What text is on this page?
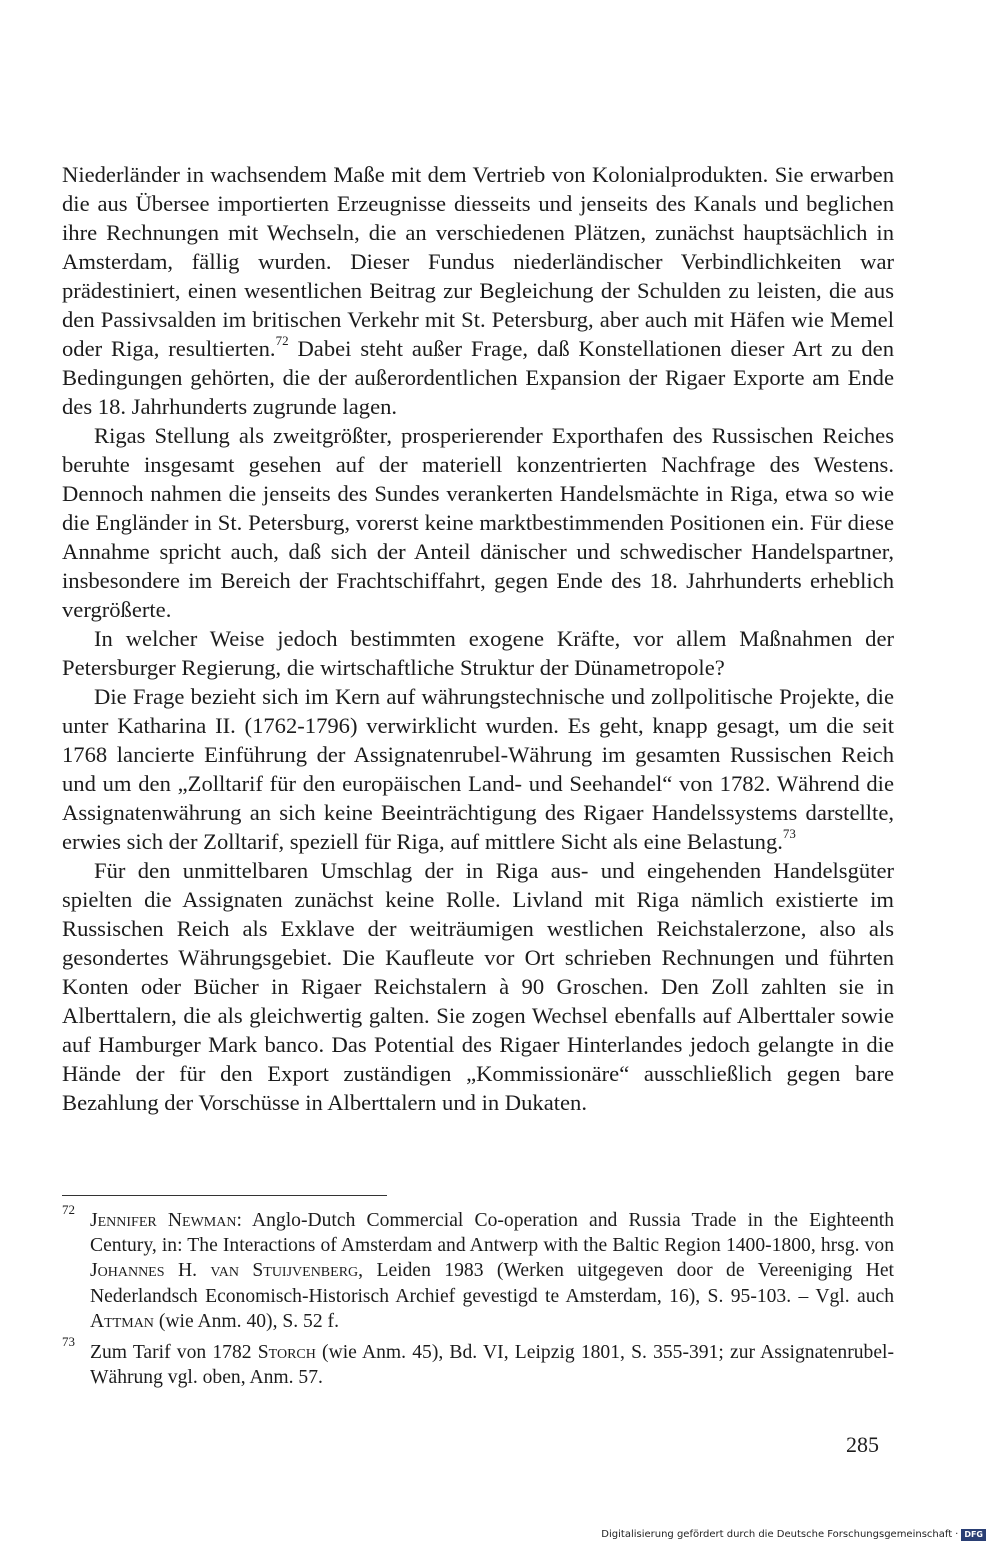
Niederländer in wachsendem Maße mit dem Vertrieb von Kolonialprodukten. Sie erwarben die aus Übersee importierten Erzeugnisse diesseits und jenseits des Kanals und beglichen ihre Rechnungen mit Wechseln, die an verschiedenen Plätzen, zunächst hauptsächlich in Amsterdam, fällig wurden. Dieser Fundus niederländischer Verbindlichkeiten war prädestiniert, einen wesentlichen Beitrag zur Begleichung der Schulden zu leisten, die aus den Passivsalden im britischen Verkehr mit St. Petersburg, aber auch mit Häfen wie Memel oder Riga, resultierten.$^{72}$ Dabei steht außer Frage, daß Konstellationen dieser Art zu den Bedingungen gehörten, die der außerordentlichen Expansion der Rigaer Exporte am Ende des 18. Jahrhunderts zugrunde lagen.

Rigas Stellung als zweitgrößter, prosperierender Exporthafen des Russischen Reiches beruhte insgesamt gesehen auf der materiell konzentrierten Nachfrage des Westens. Dennoch nahmen die jenseits des Sundes verankerten Handelsmächte in Riga, etwa so wie die Engländer in St. Petersburg, vorerst keine marktbestimmenden Positionen ein. Für diese Annahme spricht auch, daß sich der Anteil dänischer und schwedischer Handelspartner, insbesondere im Bereich der Frachtschiffahrt, gegen Ende des 18. Jahrhunderts erheblich vergrößerte.

In welcher Weise jedoch bestimmten exogene Kräfte, vor allem Maßnahmen der Petersburger Regierung, die wirtschaftliche Struktur der Dünametropole?

Die Frage bezieht sich im Kern auf währungstechnische und zollpolitische Projekte, die unter Katharina II. (1762-1796) verwirklicht wurden. Es geht, knapp gesagt, um die seit 1768 lancierte Einführung der Assignatenrubel-Währung im gesamten Russischen Reich und um den „Zolltarif für den europäischen Land- und Seehandel“ von 1782. Während die Assignatenwährung an sich keine Beeinträchtigung des Rigaer Handelssystems darstellte, erwies sich der Zolltarif, speziell für Riga, auf mittlere Sicht als eine Belastung.$^{73}$

Für den unmittelbaren Umschlag der in Riga aus- und eingehenden Handelsgüter spielten die Assignaten zunächst keine Rolle. Livland mit Riga nämlich existierte im Russischen Reich als Exklave der weiträumigen westlichen Reichstalerzone, also als gesondertes Währungsgebiet. Die Kaufleute vor Ort schrieben Rechnungen und führten Konten oder Bücher in Rigaer Reichstalern à 90 Groschen. Den Zoll zahlten sie in Alberttalern, die als gleichwertig galten. Sie zogen Wechsel ebenfalls auf Alberttaler sowie auf Hamburger Mark banco. Das Potential des Rigaer Hinterlandes jedoch gelangte in die Hände der für den Export zuständigen „Kommissionäre“ ausschließlich gegen bare Bezahlung der Vorschüsse in Alberttalern und in Dukaten.

72
Jennifer Newman: Anglo-Dutch Commercial Co-operation and Russia Trade in the Eighteenth Century, in: The Interactions of Amsterdam and Antwerp with the Baltic Region 1400-1800, hrsg. von Johannes H. van Stuijvenberg, Leiden 1983 (Werken uitgegeven door de Vereeniging Het Nederlandsch Economisch-Historisch Archief gevestigd te Amsterdam, 16), S. 95-103. – Vgl. auch Attman (wie Anm. 40), S. 52 f.
73
Zum Tarif von 1782 Storch (wie Anm. 45), Bd. VI, Leipzig 1801, S. 355-391; zur Assignatenrubel-Währung vgl. oben, Anm. 57.
285
Digitalisierung gefördert durch die Deutsche Forschungsgemeinschaft · DFG
